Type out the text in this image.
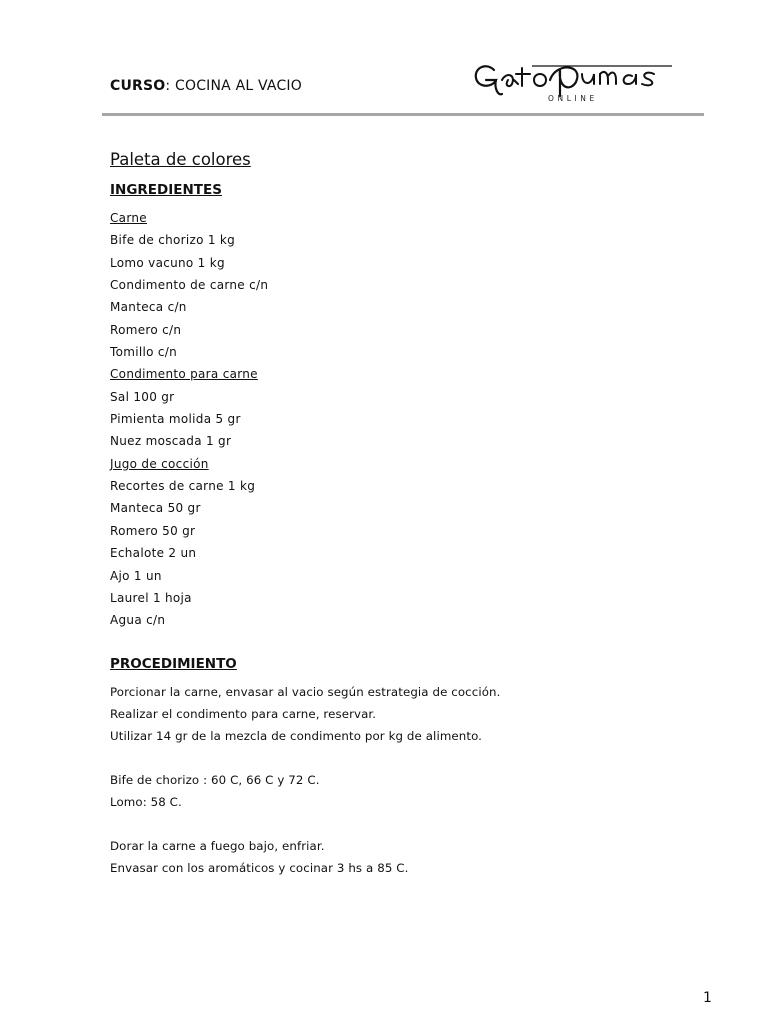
CURSO: COCINA AL VACIO
ONLINE
Paleta de colores
INGREDIENTES
Carne
Bife de chorizo 1 kg
Lomo vacuno 1 kg
Condimento de carne c/n
Manteca c/n
Romero c/n
Tomillo c/n
Condimento para carne
Sal 100 gr
Pimienta molida 5 gr
Nuez moscada 1 gr
Jugo de cocción
Recortes de carne 1 kg
Manteca 50 gr
Romero 50 gr
Echalote 2 un
Ajo 1 un
Laurel 1 hoja
Agua c/n
PROCEDIMIENTO
Porcionar la carne, envasar al vacio según estrategia de cocción.
Realizar el condimento para carne, reservar.
Utilizar 14 gr de la mezcla de condimento por kg de alimento.
Bife de chorizo : 60 C, 66 C y 72 C.
Lomo: 58 C.
Dorar la carne a fuego bajo, enfriar.
Envasar con los aromáticos y cocinar 3 hs a 85 C.
1
